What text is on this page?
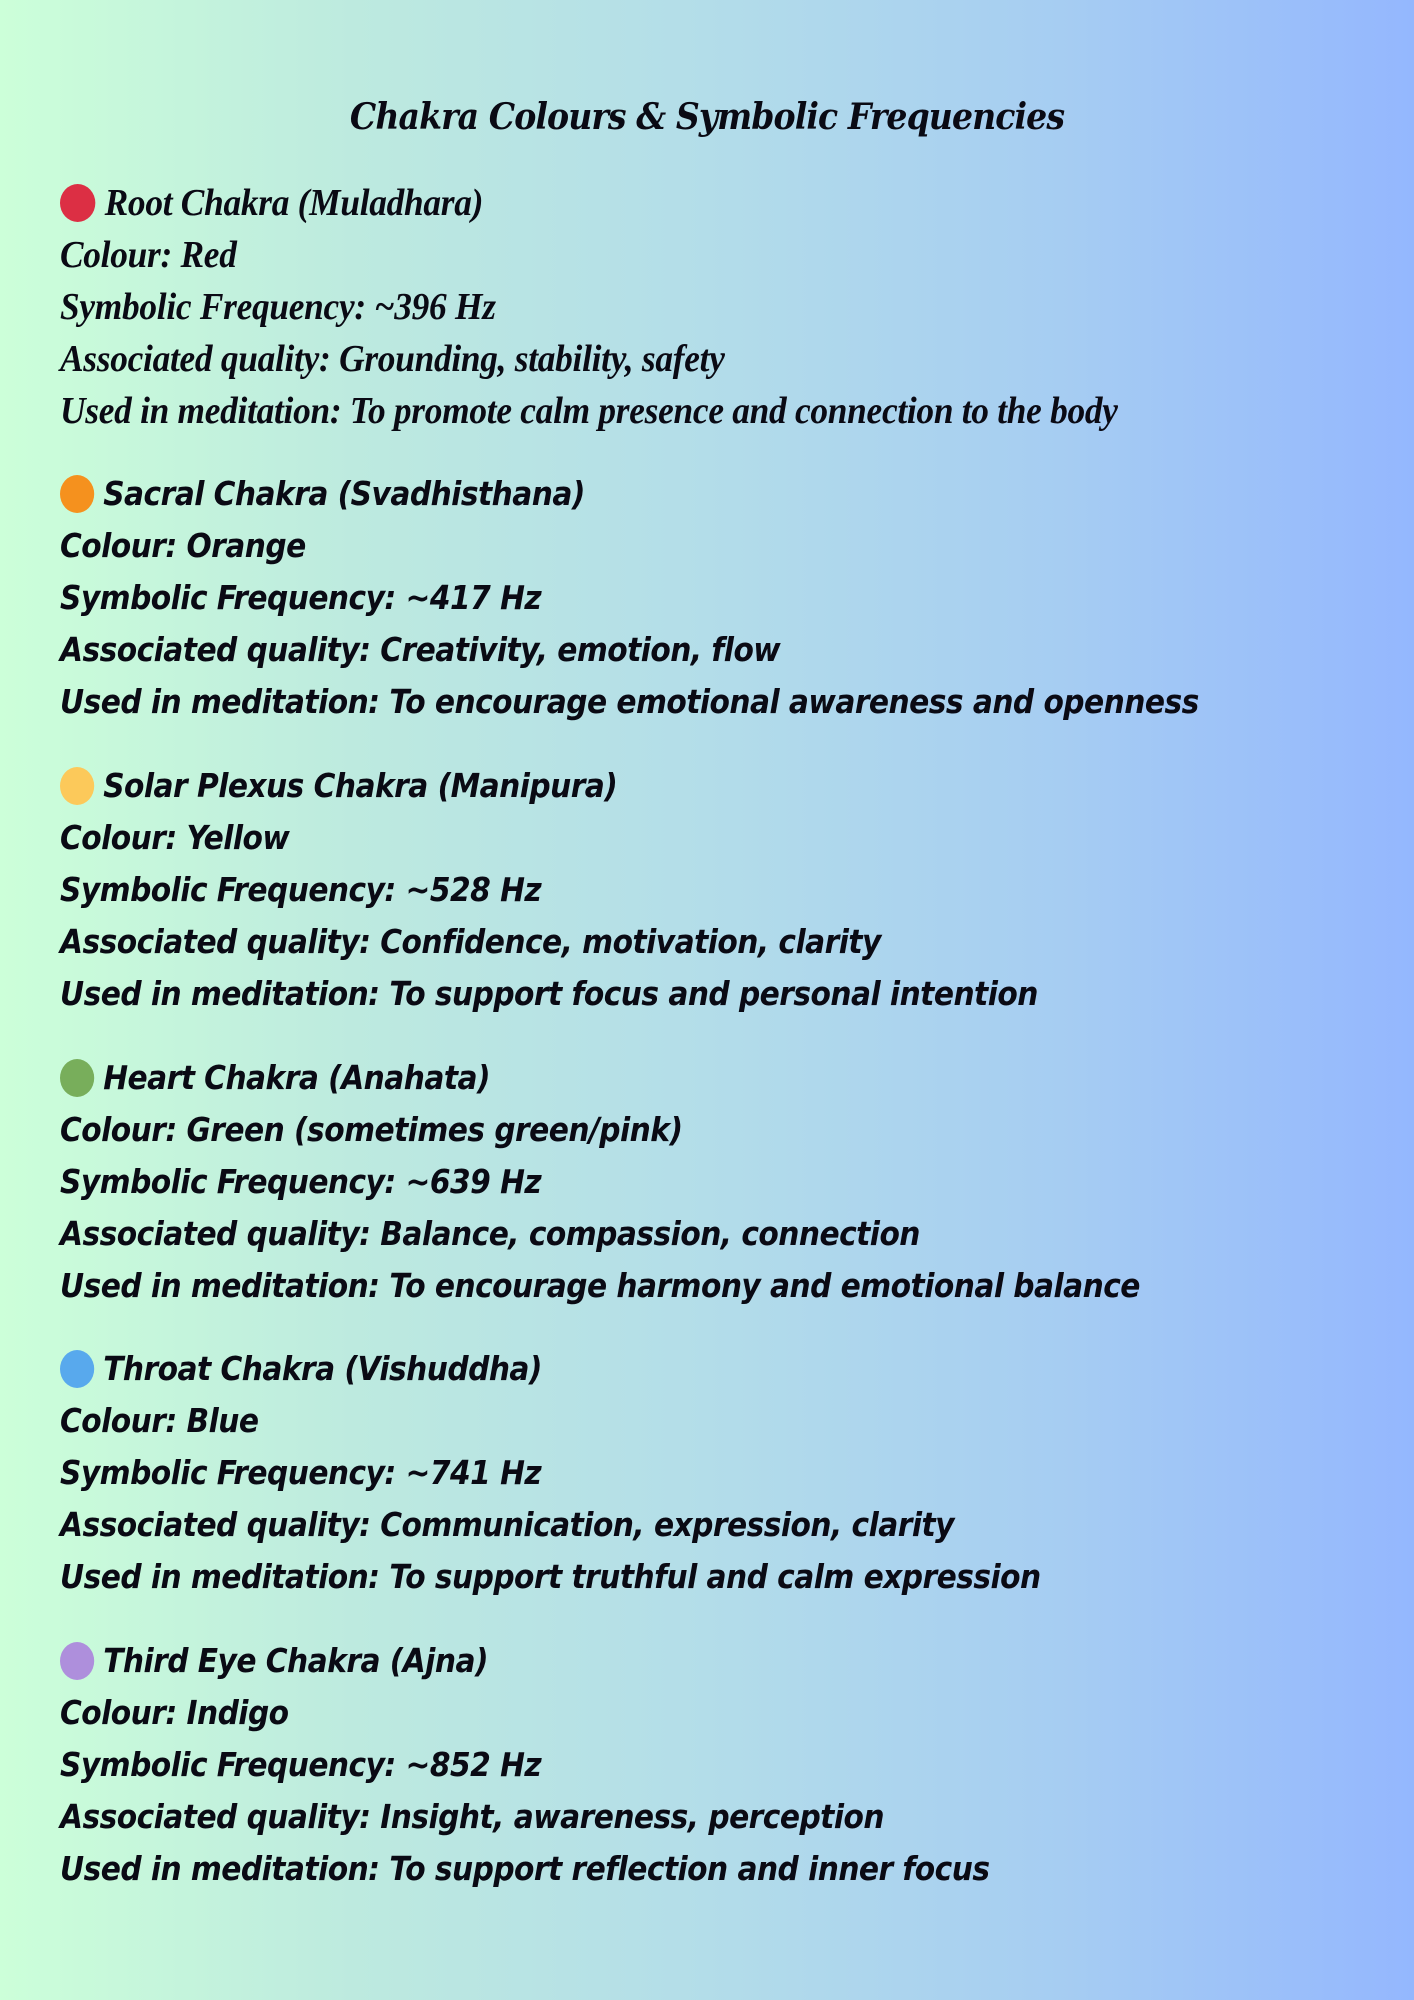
Chakra Colours & Symbolic Frequencies
Root Chakra (Muladhara)
Colour: Red
Symbolic Frequency: ~396 Hz
Associated quality: Grounding, stability, safety
Used in meditation: To promote calm presence and connection to the body
Sacral Chakra (Svadhisthana)
Colour: Orange
Symbolic Frequency: ~417 Hz
Associated quality: Creativity, emotion, flow
Used in meditation: To encourage emotional awareness and openness
Solar Plexus Chakra (Manipura)
Colour: Yellow
Symbolic Frequency: ~528 Hz
Associated quality: Confidence, motivation, clarity
Used in meditation: To support focus and personal intention
Heart Chakra (Anahata)
Colour: Green (sometimes green/pink)
Symbolic Frequency: ~639 Hz
Associated quality: Balance, compassion, connection
Used in meditation: To encourage harmony and emotional balance
Throat Chakra (Vishuddha)
Colour: Blue
Symbolic Frequency: ~741 Hz
Associated quality: Communication, expression, clarity
Used in meditation: To support truthful and calm expression
Third Eye Chakra (Ajna)
Colour: Indigo
Symbolic Frequency: ~852 Hz
Associated quality: Insight, awareness, perception
Used in meditation: To support reflection and inner focus
